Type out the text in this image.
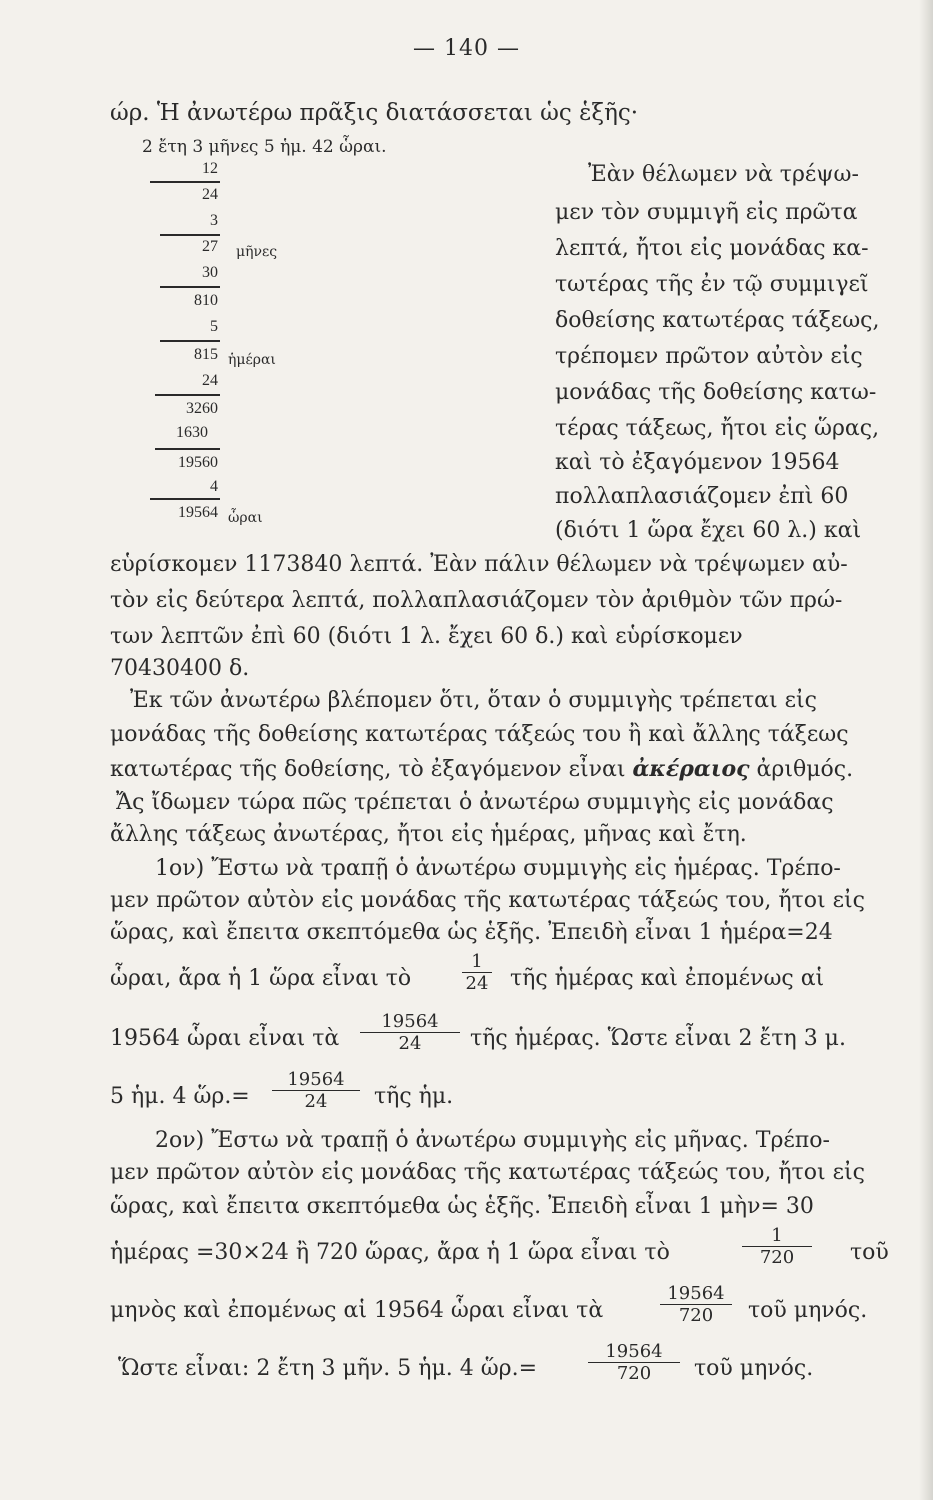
— 140 —
ώρ. Ἡ ἀνωτέρω πρᾶξις διατάσσεται ὡς ἑξῆς·
2 ἔτη 3 μῆνες 5 ἡμ. 42 ὧραι.
12
24
3
27 μῆνες
30
810
5
815 ἡμέραι
24
3260
1630
19560
4
19564 ὧραι
Ἐὰν θέλωμεν νὰ τρέψω-
μεν τὸν συμμιγῆ εἰς πρῶτα
λεπτά, ἤτοι εἰς μονάδας κα-
τωτέρας τῆς ἐν τῷ συμμιγεῖ
δοθείσης κατωτέρας τάξεως,
τρέπομεν πρῶτον αὐτὸν εἰς
μονάδας τῆς δοθείσης κατω-
τέρας τάξεως, ἤτοι εἰς ὥρας,
καὶ τὸ ἐξαγόμενον 19564
πολλαπλασιάζομεν ἐπὶ 60
(διότι 1 ὥρα ἔχει 60 λ.) καὶ
εὑρίσκομεν 1173840 λεπτά. Ἐὰν πάλιν θέλωμεν νὰ τρέψωμεν αὐ-
τὸν εἰς δεύτερα λεπτά, πολλαπλασιάζομεν τὸν ἀριθμὸν τῶν πρώ-
των λεπτῶν ἐπὶ 60 (διότι 1 λ. ἔχει 60 δ.) καὶ εὑρίσκομεν
70430400 δ.
Ἐκ τῶν ἀνωτέρω βλέπομεν ὅτι, ὅταν ὁ συμμιγὴς τρέπεται εἰς
μονάδας τῆς δοθείσης κατωτέρας τάξεώς του ἢ καὶ ἄλλης τάξεως
κατωτέρας τῆς δοθείσης, τὸ ἐξαγόμενον εἶναι ἀκέραιος ἀριθμός.
Ἄς ἴδωμεν τώρα πῶς τρέπεται ὁ ἀνωτέρω συμμιγὴς εἰς μονάδας
ἄλλης τάξεως ἀνωτέρας, ἤτοι εἰς ἡμέρας, μῆνας καὶ ἔτη.
1ον) Ἔστω νὰ τραπῇ ὁ ἀνωτέρω συμμιγὴς εἰς ἡμέρας. Τρέπο-
μεν πρῶτον αὐτὸν εἰς μονάδας τῆς κατωτέρας τάξεώς του, ἤτοι εἰς
ὥρας, καὶ ἔπειτα σκεπτόμεθα ὡς ἑξῆς. Ἐπειδὴ εἶναι 1 ἡμέρα=24
ὧραι, ἄρα ἡ 1 ὥρα εἶναι τὸ	$\frac{1}{24}$ τῆς ἡμέρας καὶ ἐπομένως αἱ
19564 ὧραι εἶναι τὰ $\frac{19564}{24}$ τῆς ἡμέρας. Ὥστε εἶναι 2 ἔτη 3 μ.
5 ἡμ. 4 ὥρ.= $\frac{19564}{24}$ τῆς ἡμ.
2ον) Ἔστω νὰ τραπῇ ὁ ἀνωτέρω συμμιγὴς εἰς μῆνας. Τρέπο-
μεν πρῶτον αὐτὸν εἰς μονάδας τῆς κατωτέρας τάξεώς του, ἤτοι εἰς
ὥρας, καὶ ἔπειτα σκεπτόμεθα ὡς ἑξῆς. Ἐπειδὴ εἶναι 1 μὴν= 30
ἡμέρας =30×24 ἢ 720 ὥρας, ἄρα ἡ 1 ὥρα εἶναι τὸ	$\frac{1}{720}$ τοῦ
μηνὸς καὶ ἐπομένως αἱ 19564 ὧραι εἶναι τὰ	$\frac{19564}{720}$ τοῦ μηνός.
Ὥστε εἶναι: 2 ἔτη 3 μῆν. 5 ἡμ. 4 ὥρ.=	$\frac{19564}{720}$ τοῦ μηνός.
